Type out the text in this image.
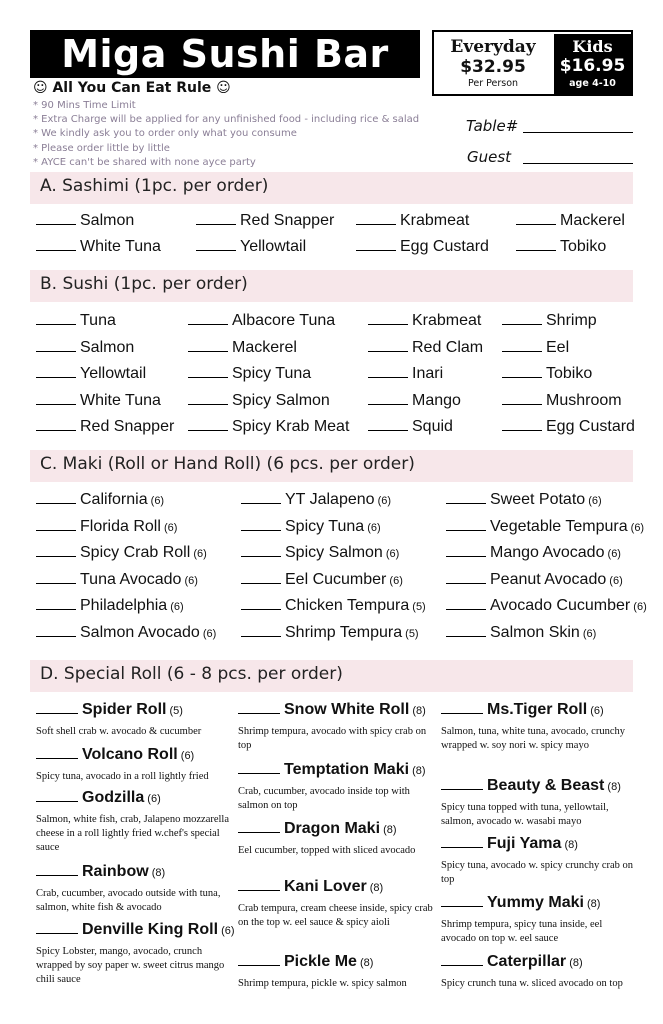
Miga Sushi Bar	Everyday
$32.95
Per Person
Kids
$16.95
age 4-10
☺ All You Can Eat Rule ☺
* 90 Mins Time Limit
* Extra Charge will be applied for any unfinished food - including rice & salad
* We kindly ask you to order only what you consume
* Please order little by little
* AYCE can't be shared with none ayce party
Table#
Guest
A. Sashimi (1pc. per order)
Salmon	Red Snapper	Krabmeat	Mackerel
White Tuna	Yellowtail	Egg Custard	Tobiko
B. Sushi (1pc. per order)
Tuna	Albacore Tuna	Krabmeat	Shrimp
Salmon	Mackerel	Red Clam	Eel
Yellowtail	Spicy Tuna	Inari	Tobiko
White Tuna	Spicy Salmon	Mango	Mushroom
Red Snapper	Spicy Krab Meat	Squid	Egg Custard
C. Maki (Roll or Hand Roll) (6 pcs. per order)
California (6)	YT Jalapeno (6)	Sweet Potato (6)
Florida Roll (6)	Spicy Tuna (6)	Vegetable Tempura (6)
Spicy Crab Roll (6)	Spicy Salmon (6)	Mango Avocado (6)
Tuna Avocado (6)	Eel Cucumber (6)	Peanut Avocado (6)
Philadelphia (6)	Chicken Tempura (5)	Avocado Cucumber (6)
Salmon Avocado (6)	Shrimp Tempura (5)	Salmon Skin (6)
D. Special Roll (6 - 8 pcs. per order)
Spider Roll (5)
Soft shell crab w. avocado & cucumber
Volcano Roll (6)
Spicy tuna, avocado in a roll lightly fried
Godzilla (6)
Salmon, white fish, crab, Jalapeno mozzarella cheese in a roll lightly fried w.chef's special sauce
Rainbow (8)
Crab, cucumber, avocado outside with tuna, salmon, white fish & avocado
Denville King Roll (6)
Spicy Lobster, mango, avocado, crunch wrapped by soy paper w. sweet citrus mango chili sauce
Snow White Roll (8)
Shrimp tempura, avocado with spicy crab on top
Temptation Maki (8)
Crab, cucumber, avocado inside top with salmon on top
Dragon Maki (8)
Eel cucumber, topped with sliced avocado
Kani Lover (8)
Crab tempura, cream cheese inside, spicy crab on the top w. eel sauce & spicy aioli
Pickle Me (8)
Shrimp tempura, pickle w. spicy salmon
Ms.Tiger Roll (6)
Salmon, tuna, white tuna, avocado, crunchy wrapped w. soy nori w. spicy mayo
Beauty & Beast (8)
Spicy tuna topped with tuna, yellowtail, salmon, avocado w. wasabi mayo
Fuji Yama (8)
Spicy tuna, avocado w. spicy crunchy crab on top
Yummy Maki (8)
Shrimp tempura, spicy tuna inside, eel avocado on top w. eel sauce
Caterpillar (8)
Spicy crunch tuna w. sliced avocado on top
